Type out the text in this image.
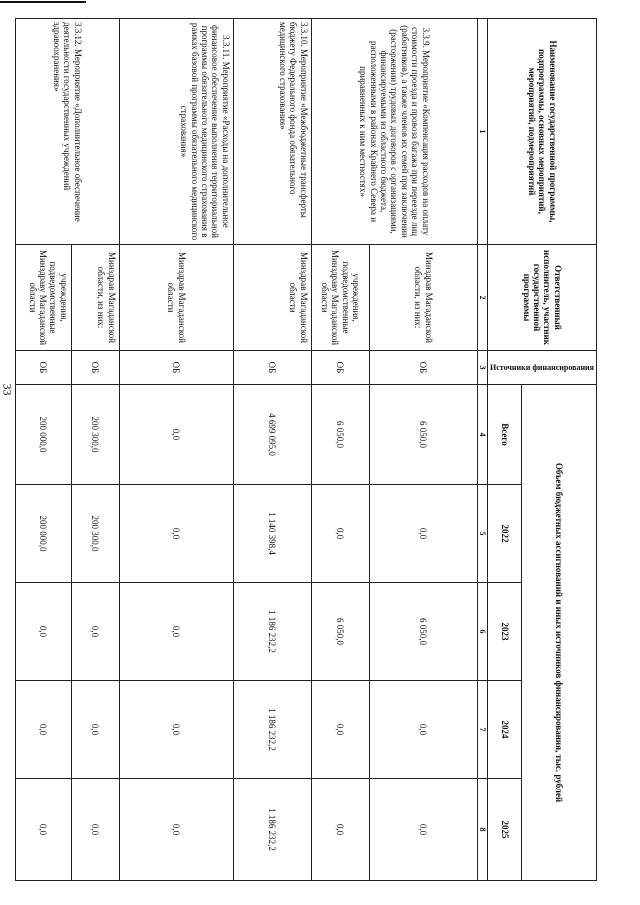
33
Наименование государственной программы, подпрограммы, основных мероприятий, мероприятий, подмероприятий	Ответственный исполнитель, участник государственной программы	Источники финансирования	Объем бюджетных ассигнований и иных источников финансирования, тыс. рублей				
			Всего	2022	2023	2024	2025
1	2	3	4	5	6	7	8
3.3.9. Мероприятие «Компенсация расходов на оплату стоимости проезда и провоза багажа при переезде лиц (работников), а также членов их семей при заключении (расторжении) трудовых договоров с организациями, финансируемыми из областного бюджета, расположенными в районах Крайнего Севера и приравненных к ним местностях»	Минздрав Магаданской области, из них:	ОБ	6 050,0	0,0	6 050,0	0,0	0,0
	учреждения, подведомственные Минздраву Магаданской области	ОБ	6 050,0	0,0	6 050,0	0,0	0,0
3.3.10. Мероприятие «Межбюджетные трансферты бюджету Федерального фонда обязательного медицинского страхования»	Минздрав Магаданской области	ОБ	4 699 095,0	1 140 398,4	1 186 232,2	1 186 232,2	1 186 232,2
3.3.11. Мероприятие «Расходы на дополнительное финансовое обеспечение выполнения территориальной программы обязательного медицинского страхования в рамках базовой программы обязательного медицинского страхования»	Минздрав Магаданской области	ОБ	0,0	0,0	0,0	0,0	0,0
3.3.12. Мероприятие «Дополнительное обеспечение деятельности государственных учреждений здравоохранения»	Минздрав Магаданской области, из них:	ОБ	200 300,0	200 300,0	0,0	0,0	0,0
	учреждения, подведомственные Минздраву Магаданской области	ОБ	200 000,0	200 000,0	0,0	0,0	0,0
